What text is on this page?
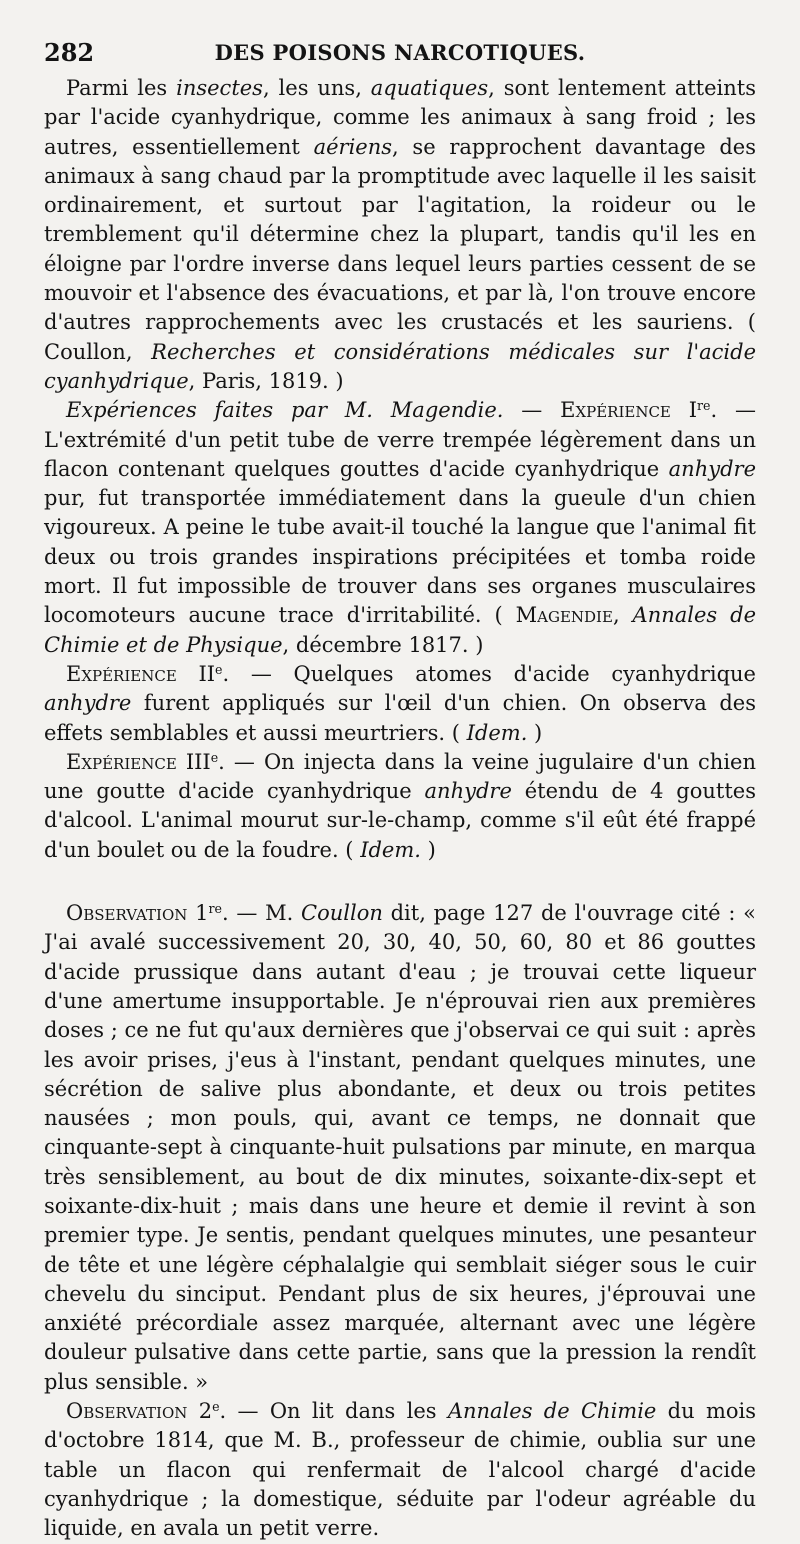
282	DES POISONS NARCOTIQUES.

Parmi les insectes, les uns, aquatiques, sont lentement atteints par l'acide cyanhydrique, comme les animaux à sang froid ; les autres, essentiellement aériens, se rapprochent davantage des animaux à sang chaud par la promptitude avec laquelle il les saisit ordinairement, et surtout par l'agitation, la roideur ou le tremblement qu'il détermine chez la plupart, tandis qu'il les en éloigne par l'ordre inverse dans lequel leurs parties cessent de se mouvoir et l'absence des évacuations, et par là, l'on trouve encore d'autres rapprochements avec les crustacés et les sauriens. ( Coullon, Recherches et considérations médicales sur l'acide cyanhydrique, Paris, 1819. )

Expériences faites par M. Magendie. — Expérience Ire. — L'extrémité d'un petit tube de verre trempée légèrement dans un flacon contenant quelques gouttes d'acide cyanhydrique anhydre pur, fut transportée immédiatement dans la gueule d'un chien vigoureux. A peine le tube avait-il touché la langue que l'animal fit deux ou trois grandes inspirations précipitées et tomba roide mort. Il fut impossible de trouver dans ses organes musculaires locomoteurs aucune trace d'irritabilité. ( Magendie, Annales de Chimie et de Physique, décembre 1817. )

Expérience IIe. — Quelques atomes d'acide cyanhydrique anhydre furent appliqués sur l'œil d'un chien. On observa des effets semblables et aussi meurtriers. ( Idem. )

Expérience IIIe. — On injecta dans la veine jugulaire d'un chien une goutte d'acide cyanhydrique anhydre étendu de 4 gouttes d'alcool. L'animal mourut sur-le-champ, comme s'il eût été frappé d'un boulet ou de la foudre. ( Idem. )

Observation 1re. — M. Coullon dit, page 127 de l'ouvrage cité : « J'ai avalé successivement 20, 30, 40, 50, 60, 80 et 86 gouttes d'acide prussique dans autant d'eau ; je trouvai cette liqueur d'une amertume insupportable. Je n'éprouvai rien aux premières doses ; ce ne fut qu'aux dernières que j'observai ce qui suit : après les avoir prises, j'eus à l'instant, pendant quelques minutes, une sécrétion de salive plus abondante, et deux ou trois petites nausées ; mon pouls, qui, avant ce temps, ne donnait que cinquante-sept à cinquante-huit pulsations par minute, en marqua très sensiblement, au bout de dix minutes, soixante-dix-sept et soixante-dix-huit ; mais dans une heure et demie il revint à son premier type. Je sentis, pendant quelques minutes, une pesanteur de tête et une légère céphalalgie qui semblait siéger sous le cuir chevelu du sinciput. Pendant plus de six heures, j'éprouvai une anxiété précordiale assez marquée, alternant avec une légère douleur pulsative dans cette partie, sans que la pression la rendît plus sensible. »

Observation 2e. — On lit dans les Annales de Chimie du mois d'octobre 1814, que M. B., professeur de chimie, oublia sur une table un flacon qui renfermait de l'alcool chargé d'acide cyanhydrique ; la domestique, séduite par l'odeur agréable du liquide, en avala un petit verre.
